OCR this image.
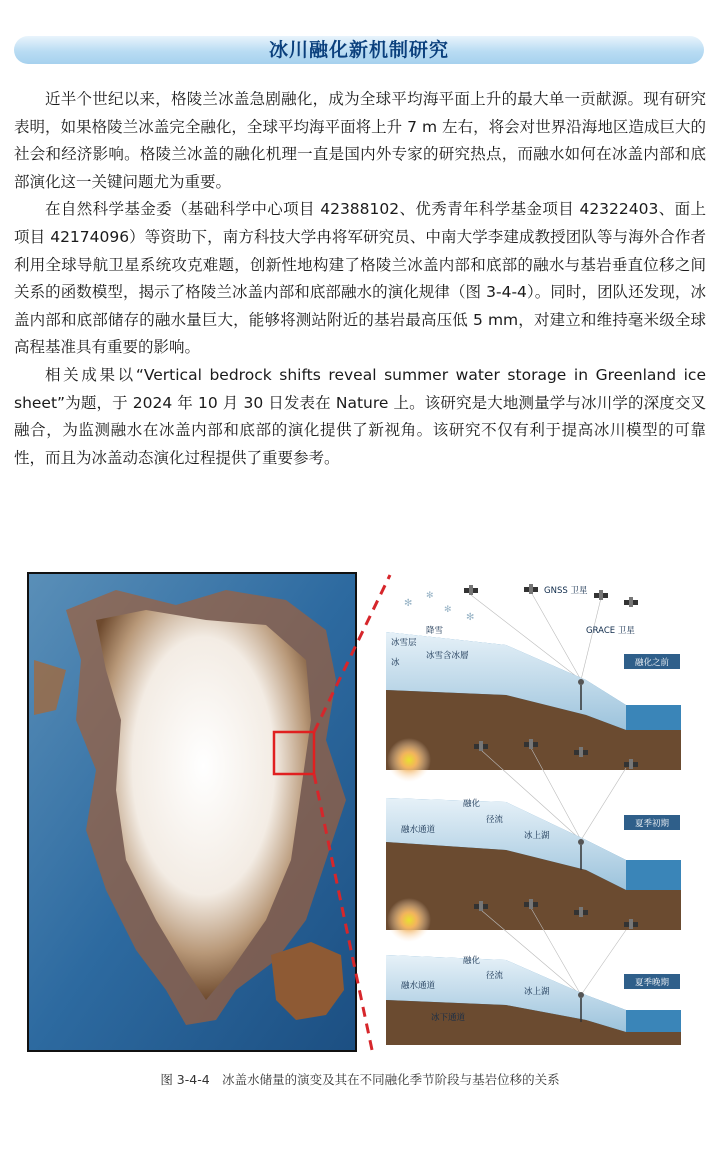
冰川融化新机制研究

近半个世纪以来，格陵兰冰盖急剧融化，成为全球平均海平面上升的最大单一贡献源。现有研究表明，如果格陵兰冰盖完全融化，全球平均海平面将上升 7 m 左右，将会对世界沿海地区造成巨大的社会和经济影响。格陵兰冰盖的融化机理一直是国内外专家的研究热点，而融水如何在冰盖内部和底部演化这一关键问题尤为重要。

在自然科学基金委（基础科学中心项目 42388102、优秀青年科学基金项目 42322403、面上项目 42174096）等资助下，南方科技大学冉将军研究员、中南大学李建成教授团队等与海外合作者利用全球导航卫星系统攻克难题，创新性地构建了格陵兰冰盖内部和底部的融水与基岩垂直位移之间关系的函数模型，揭示了格陵兰冰盖内部和底部融水的演化规律（图 3-4-4）。同时，团队还发现，冰盖内部和底部储存的融水量巨大，能够将测站附近的基岩最高压低 5 mm，对建立和维持毫米级全球高程基准具有重要的影响。

相关成果以“Vertical bedrock shifts reveal summer water storage in Greenland ice sheet”为题，于 2024 年 10 月 30 日发表在 Nature 上。该研究是大地测量学与冰川学的深度交叉融合，为监测融水在冰盖内部和底部的演化提供了新视角。该研究不仅有利于提高冰川模型的可靠性，而且为冰盖动态演化过程提供了重要参考。

GNSS 卫星
GRACE 卫星
✻
✻
✻
✻
降雪
冰雪层
冰雪含冰層
冰	融化之前
融化
径流
融水通道
冰上湖
夏季初期
融化
径流
融水通道
冰上湖
冰下通道
夏季晚期
图 3-4-4　冰盖水储量的演变及其在不同融化季节阶段与基岩位移的关系
